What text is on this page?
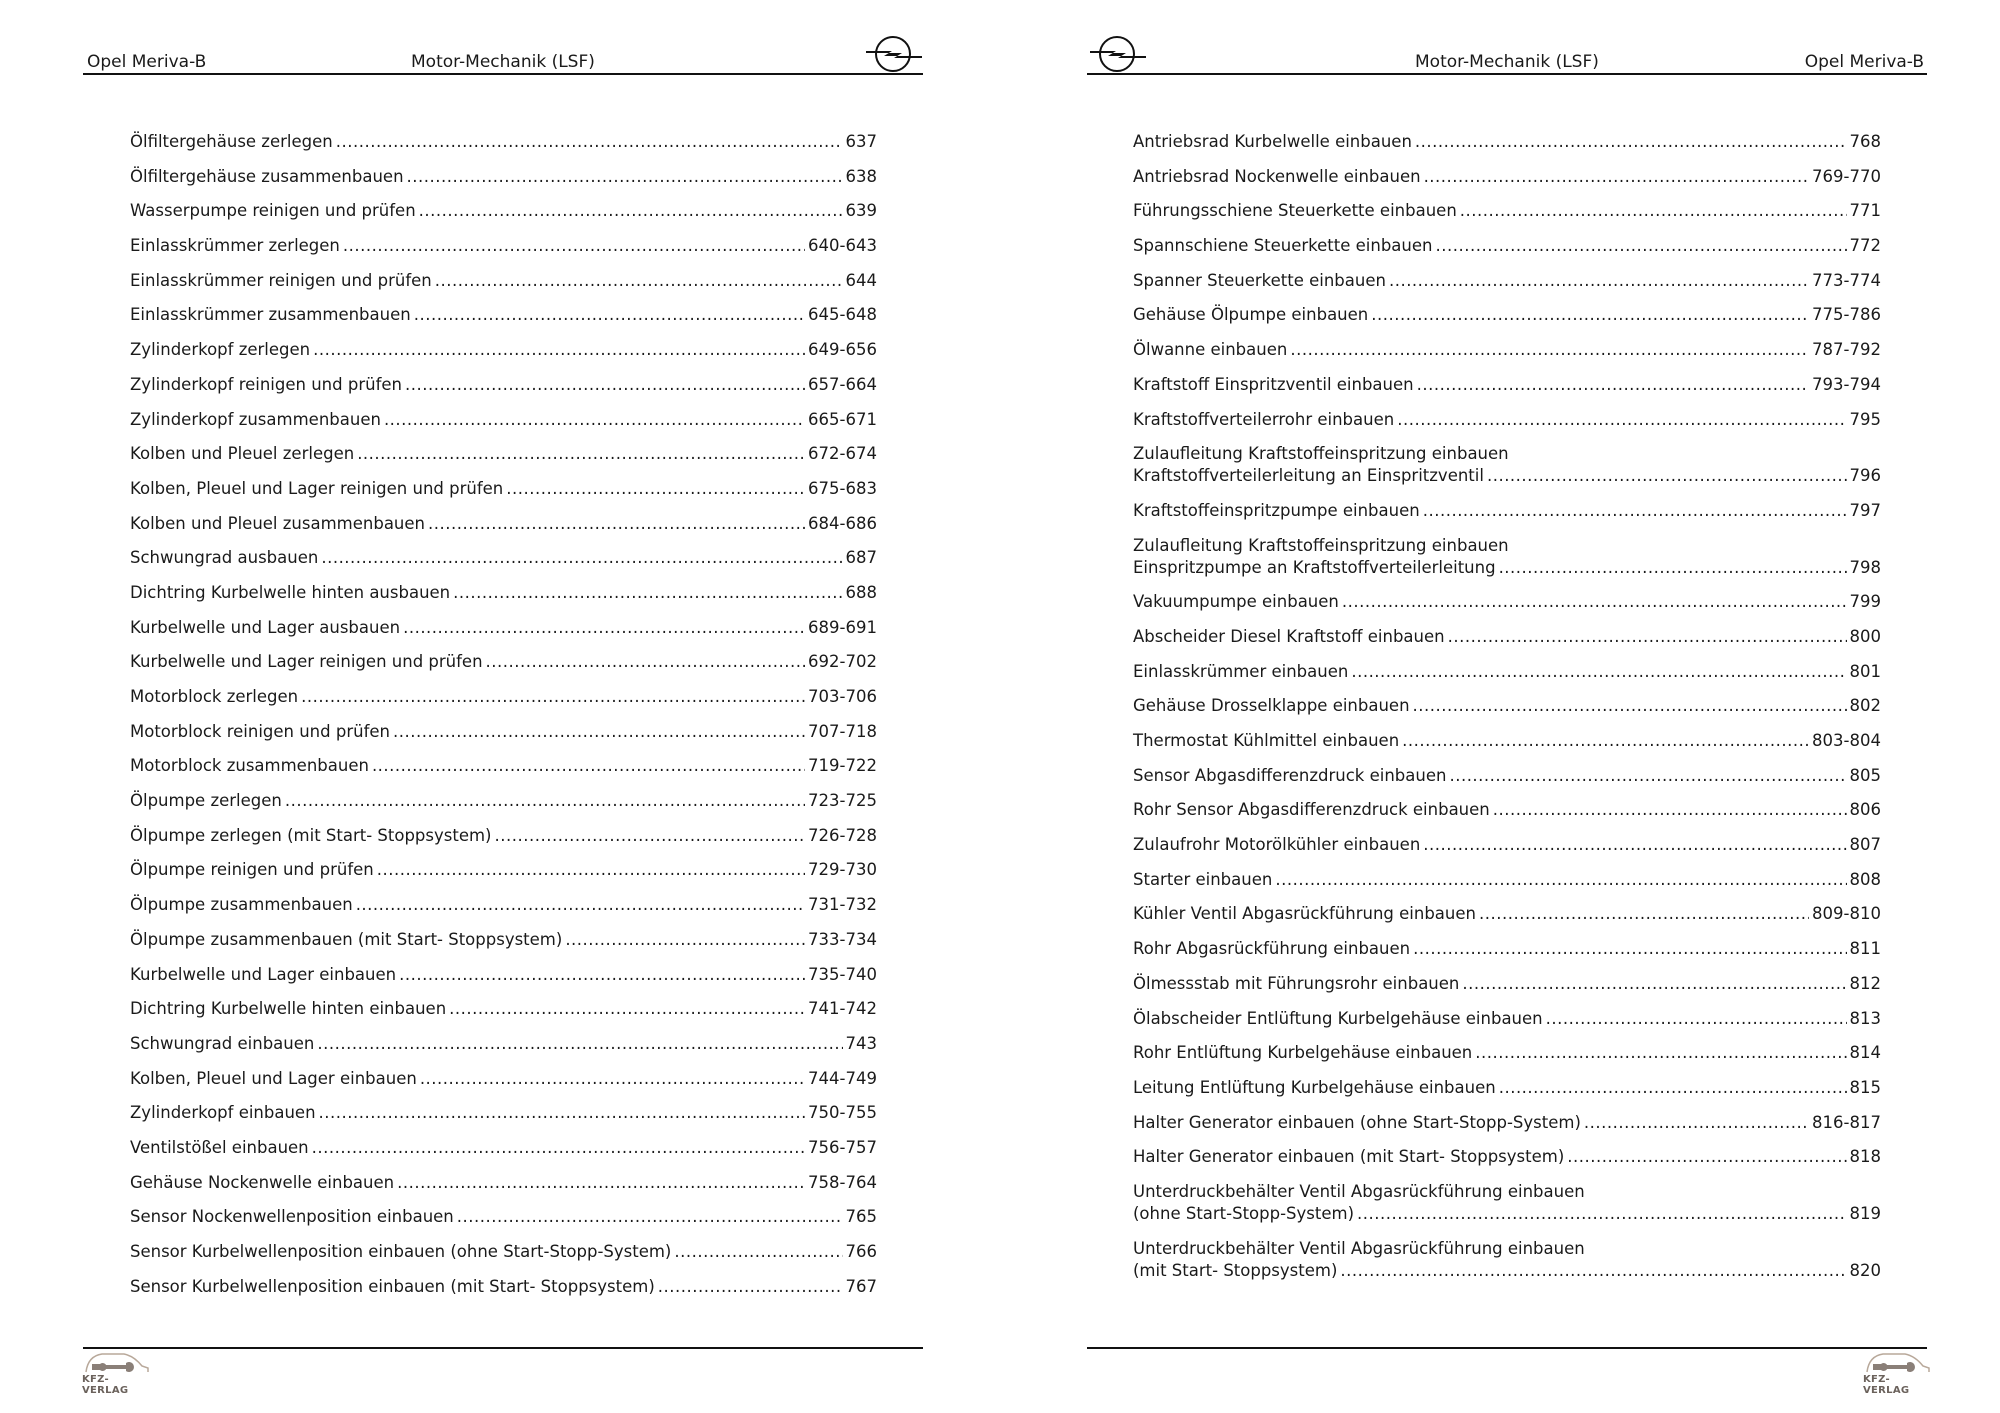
Opel Meriva-B	Motor-Mechanik (LSF)
Ölfiltergehäuse zerlegen .....	637
Ölfiltergehäuse zusammenbauen .....	638
Wasserpumpe reinigen und prüfen .....	639
Einlasskrümmer zerlegen .....	640-643
Einlasskrümmer reinigen und prüfen .....	644
Einlasskrümmer zusammenbauen .....	645-648
Zylinderkopf zerlegen .....	649-656
Zylinderkopf reinigen und prüfen .....	657-664
Zylinderkopf zusammenbauen .....	665-671
Kolben und Pleuel zerlegen .....	672-674
Kolben, Pleuel und Lager reinigen und prüfen .....	675-683
Kolben und Pleuel zusammenbauen .....	684-686
Schwungrad ausbauen .....	687
Dichtring Kurbelwelle hinten ausbauen .....	688
Kurbelwelle und Lager ausbauen .....	689-691
Kurbelwelle und Lager reinigen und prüfen .....	692-702
Motorblock zerlegen .....	703-706
Motorblock reinigen und prüfen .....	707-718
Motorblock zusammenbauen .....	719-722
Ölpumpe zerlegen .....	723-725
Ölpumpe zerlegen (mit Start- Stoppsystem) .....	726-728
Ölpumpe reinigen und prüfen .....	729-730
Ölpumpe zusammenbauen .....	731-732
Ölpumpe zusammenbauen (mit Start- Stoppsystem) .....	733-734
Kurbelwelle und Lager einbauen .....	735-740
Dichtring Kurbelwelle hinten einbauen .....	741-742
Schwungrad einbauen .....	743
Kolben, Pleuel und Lager einbauen .....	744-749
Zylinderkopf einbauen .....	750-755
Ventilstößel einbauen .....	756-757
Gehäuse Nockenwelle einbauen .....	758-764
Sensor Nockenwellenposition einbauen .....	765
Sensor Kurbelwellenposition einbauen (ohne Start-Stopp-System) .....	766
Sensor Kurbelwellenposition einbauen (mit Start- Stoppsystem) .....	767
KFZ-VERLAG
Motor-Mechanik (LSF)	Opel Meriva-B
Antriebsrad Kurbelwelle einbauen .....	768
Antriebsrad Nockenwelle einbauen .....	769-770
Führungsschiene Steuerkette einbauen .....	771
Spannschiene Steuerkette einbauen .....	772
Spanner Steuerkette einbauen .....	773-774
Gehäuse Ölpumpe einbauen .....	775-786
Ölwanne einbauen .....	787-792
Kraftstoff Einspritzventil einbauen .....	793-794
Kraftstoffverteilerrohr einbauen .....	795
Zulaufleitung Kraftstoffeinspritzung einbauen
Kraftstoffverteilerleitung an Einspritzventil .....	796
Kraftstoffeinspritzpumpe einbauen .....	797
Zulaufleitung Kraftstoffeinspritzung einbauen
Einspritzpumpe an Kraftstoffverteilerleitung .....	798
Vakuumpumpe einbauen .....	799
Abscheider Diesel Kraftstoff einbauen .....	800
Einlasskrümmer einbauen .....	801
Gehäuse Drosselklappe einbauen .....	802
Thermostat Kühlmittel einbauen .....	803-804
Sensor Abgasdifferenzdruck einbauen .....	805
Rohr Sensor Abgasdifferenzdruck einbauen .....	806
Zulaufrohr Motorölkühler einbauen .....	807
Starter einbauen .....	808
Kühler Ventil Abgasrückführung einbauen .....	809-810
Rohr Abgasrückführung einbauen .....	811
Ölmessstab mit Führungsrohr einbauen .....	812
Ölabscheider Entlüftung Kurbelgehäuse einbauen .....	813
Rohr Entlüftung Kurbelgehäuse einbauen .....	814
Leitung Entlüftung Kurbelgehäuse einbauen .....	815
Halter Generator einbauen (ohne Start-Stopp-System) .....	816-817
Halter Generator einbauen (mit Start- Stoppsystem) .....	818
Unterdruckbehälter Ventil Abgasrückführung einbauen
(ohne Start-Stopp-System) .....	819
Unterdruckbehälter Ventil Abgasrückführung einbauen
(mit Start- Stoppsystem) .....	820
KFZ-VERLAG
